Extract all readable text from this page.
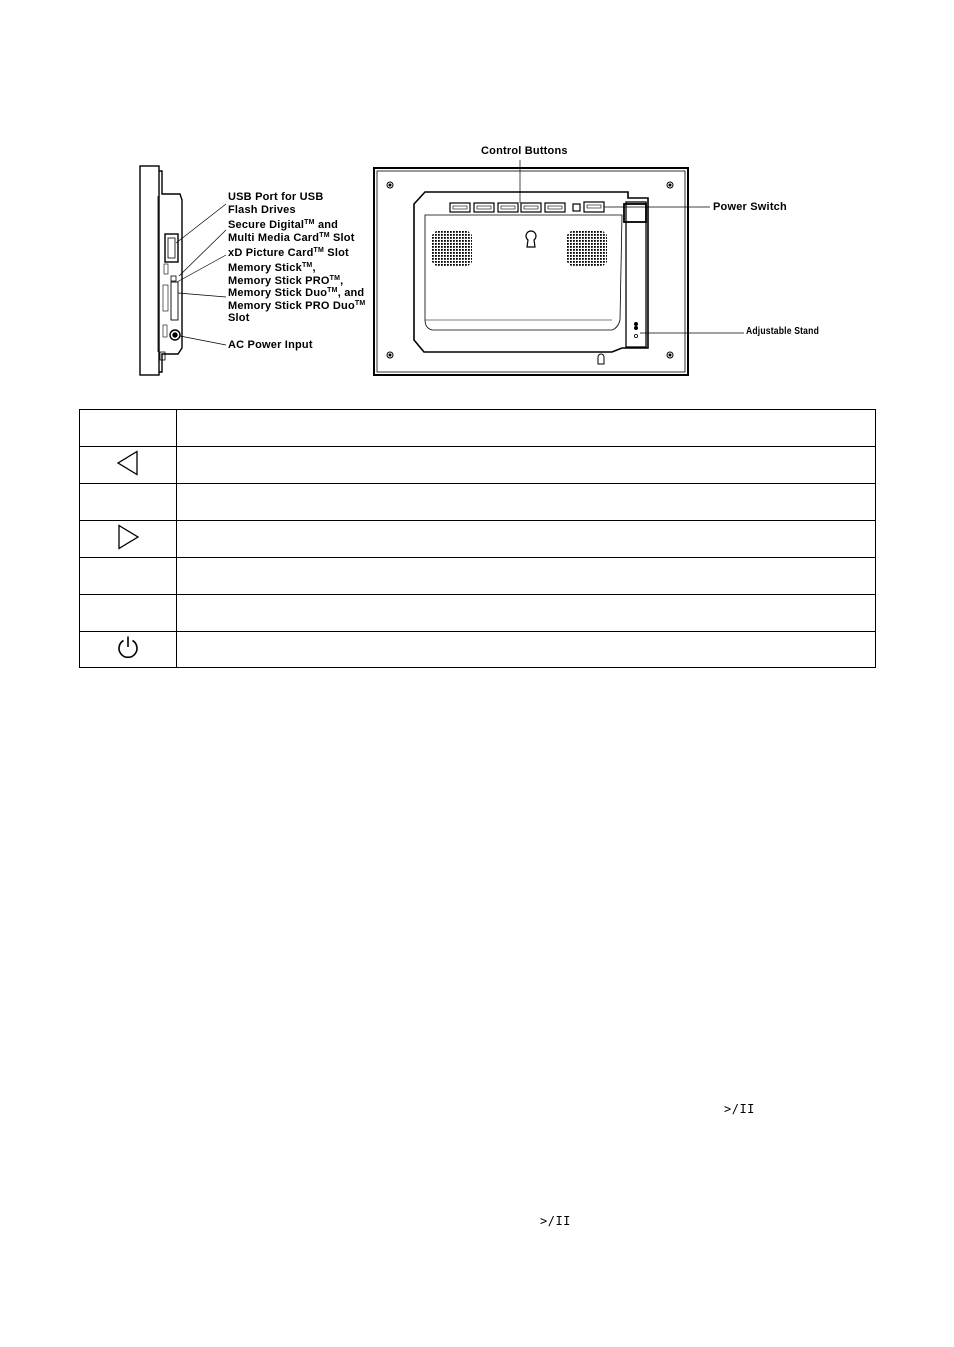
USB Port for USB
Flash Drives
Secure Digital™ and
Multi Media Card™ Slot
xD Picture Card™ Slot
Memory Stick™,
Memory Stick PRO™,
Memory Stick Duo™, and
Memory Stick PRO Duo™
Slot
AC Power Input
Control Buttons
Power Switch
Adjustable Stand

>/II
>/II
